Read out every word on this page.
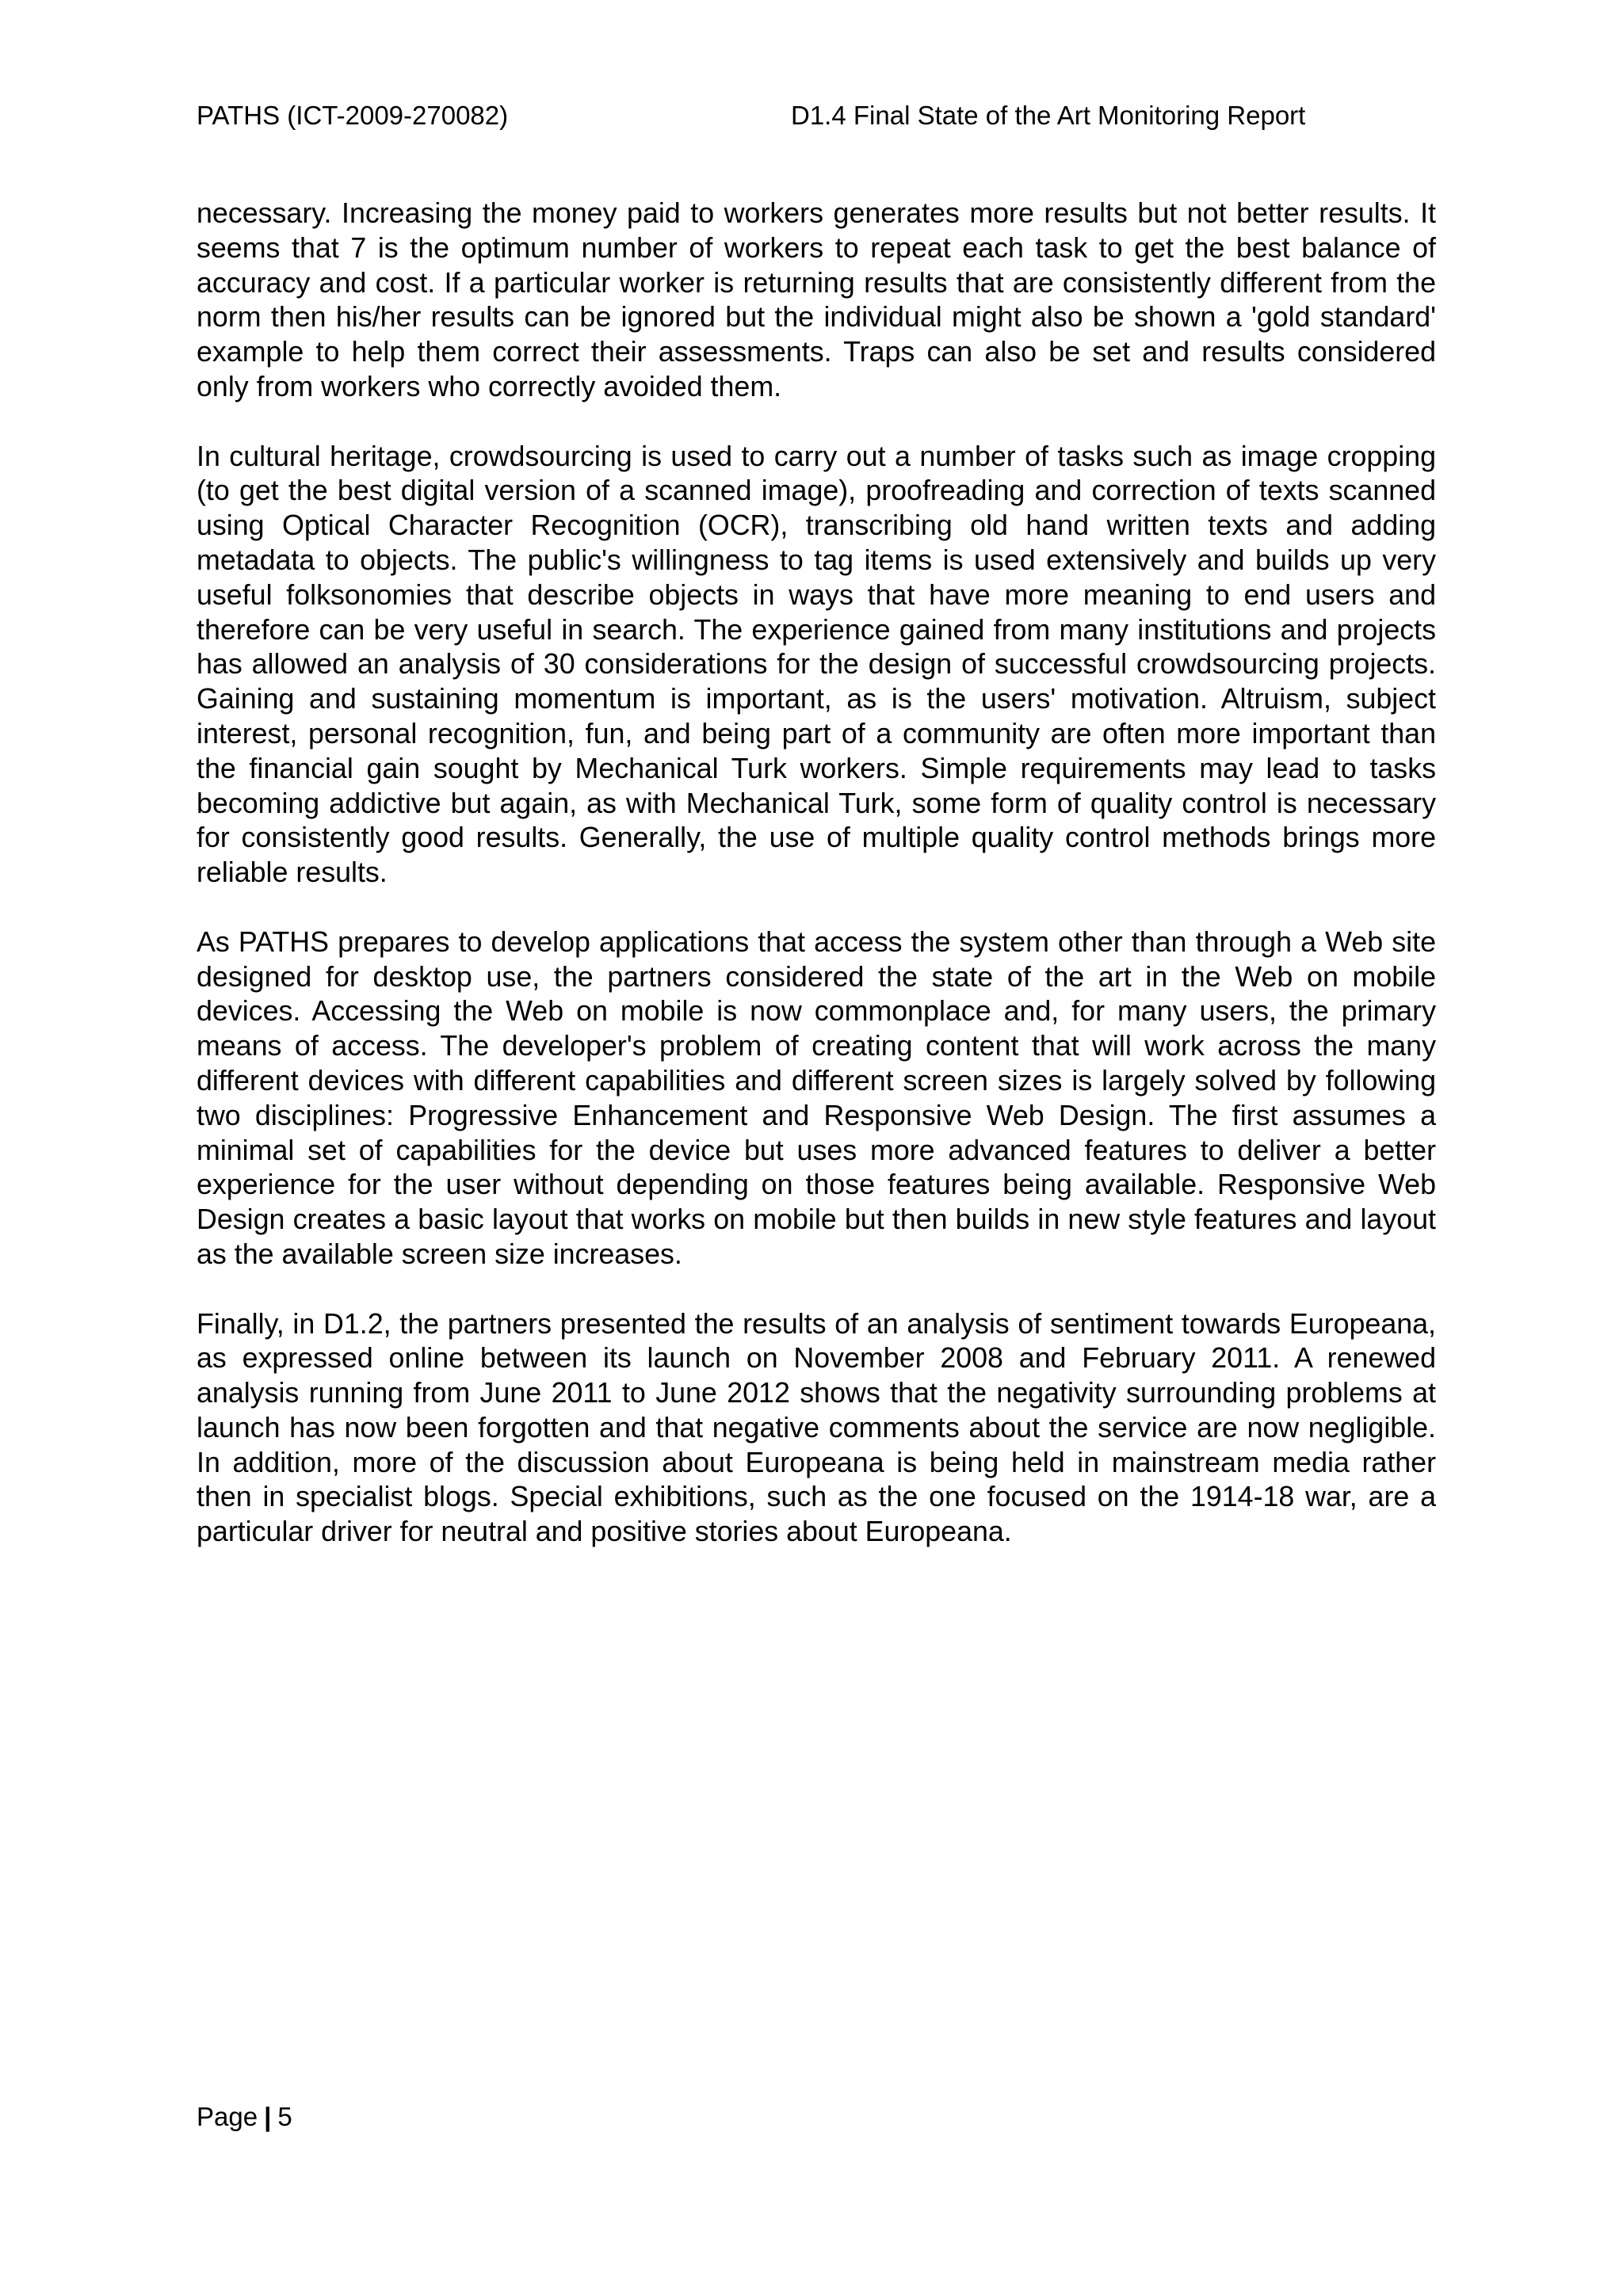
PATHS (ICT-2009-270082)	D1.4 Final State of the Art Monitoring Report

necessary. Increasing the money paid to workers generates more results but not better results. It seems that 7 is the optimum number of workers to repeat each task to get the best balance of accuracy and cost. If a particular worker is returning results that are consistently different from the norm then his/her results can be ignored but the individual might also be shown a 'gold standard' example to help them correct their assessments. Traps can also be set and results considered only from workers who correctly avoided them.

In cultural heritage, crowdsourcing is used to carry out a number of tasks such as image cropping (to get the best digital version of a scanned image), proofreading and correction of texts scanned using Optical Character Recognition (OCR), transcribing old hand written texts and adding metadata to objects. The public's willingness to tag items is used extensively and builds up very useful folksonomies that describe objects in ways that have more meaning to end users and therefore can be very useful in search. The experience gained from many institutions and projects has allowed an analysis of 30 considerations for the design of successful crowdsourcing projects. Gaining and sustaining momentum is important, as is the users' motivation. Altruism, subject interest, personal recognition, fun, and being part of a community are often more important than the financial gain sought by Mechanical Turk workers. Simple requirements may lead to tasks becoming addictive but again, as with Mechanical Turk, some form of quality control is necessary for consistently good results. Generally, the use of multiple quality control methods brings more reliable results.

As PATHS prepares to develop applications that access the system other than through a Web site designed for desktop use, the partners considered the state of the art in the Web on mobile devices. Accessing the Web on mobile is now commonplace and, for many users, the primary means of access. The developer's problem of creating content that will work across the many different devices with different capabilities and different screen sizes is largely solved by following two disciplines: Progressive Enhancement and Responsive Web Design. The first assumes a minimal set of capabilities for the device but uses more advanced features to deliver a better experience for the user without depending on those features being available. Responsive Web Design creates a basic layout that works on mobile but then builds in new style features and layout as the available screen size increases.

Finally, in D1.2, the partners presented the results of an analysis of sentiment towards Europeana, as expressed online between its launch on November 2008 and February 2011. A renewed analysis running from June 2011 to June 2012 shows that the negativity surrounding problems at launch has now been forgotten and that negative comments about the service are now negligible. In addition, more of the discussion about Europeana is being held in mainstream media rather then in specialist blogs. Special exhibitions, such as the one focused on the 1914-18 war, are a particular driver for neutral and positive stories about Europeana.

Page | 5
